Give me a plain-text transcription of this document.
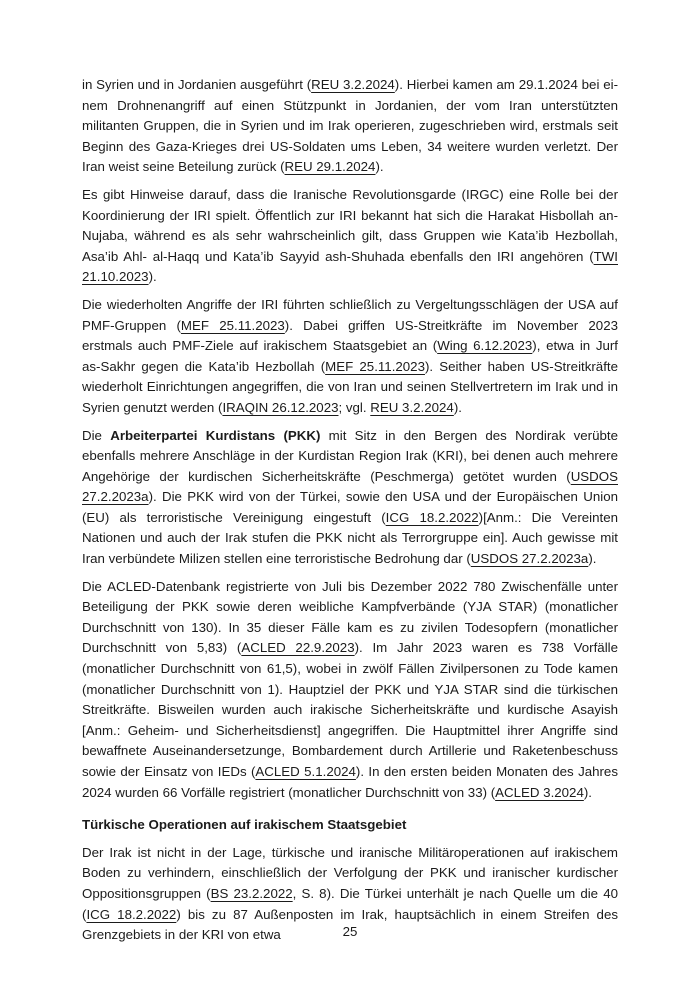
in Syrien und in Jordanien ausgeführt (REU 3.2.2024). Hierbei kamen am 29.1.2024 bei einem Drohnenangriff auf einen Stützpunkt in Jordanien, der vom Iran unterstützten militanten Gruppen, die in Syrien und im Irak operieren, zugeschrieben wird, erstmals seit Beginn des Gaza-Krieges drei US-Soldaten ums Leben, 34 weitere wurden verletzt. Der Iran weist seine Beteilung zurück (REU 29.1.2024).

Es gibt Hinweise darauf, dass die Iranische Revolutionsgarde (IRGC) eine Rolle bei der Koordinierung der IRI spielt. Öffentlich zur IRI bekannt hat sich die Harakat Hisbollah an-Nujaba, während es als sehr wahrscheinlich gilt, dass Gruppen wie Kata’ib Hezbollah, Asa’ib Ahl- al-Haqq und Kata’ib Sayyid ash-Shuhada ebenfalls den IRI angehören (TWI 21.10.2023).

Die wiederholten Angriffe der IRI führten schließlich zu Vergeltungsschlägen der USA auf PMF-Gruppen (MEF 25.11.2023). Dabei griffen US-Streitkräfte im November 2023 erstmals auch PMF-Ziele auf irakischem Staatsgebiet an (Wing 6.12.2023), etwa in Jurf as-Sakhr gegen die Kata’ib Hezbollah (MEF 25.11.2023). Seither haben US-Streitkräfte wiederholt Einrichtungen angegriffen, die von Iran und seinen Stellvertretern im Irak und in Syrien genutzt werden (IRAQIN 26.12.2023; vgl. REU 3.2.2024).

Die Arbeiterpartei Kurdistans (PKK) mit Sitz in den Bergen des Nordirak verübte ebenfalls mehrere Anschläge in der Kurdistan Region Irak (KRI), bei denen auch mehrere Angehörige der kurdischen Sicherheitskräfte (Peschmerga) getötet wurden (USDOS 27.2.2023a). Die PKK wird von der Türkei, sowie den USA und der Europäischen Union (EU) als terroristische Vereinigung eingestuft (ICG 18.2.2022)[Anm.: Die Vereinten Nationen und auch der Irak stufen die PKK nicht als Terrorgruppe ein]. Auch gewisse mit Iran verbündete Milizen stellen eine terroristische Bedrohung dar (USDOS 27.2.2023a).

Die ACLED-Datenbank registrierte von Juli bis Dezember 2022 780 Zwischenfälle unter Beteiligung der PKK sowie deren weibliche Kampfverbände (YJA STAR) (monatlicher Durchschnitt von 130). In 35 dieser Fälle kam es zu zivilen Todesopfern (monatlicher Durchschnitt von 5,83) (ACLED 22.9.2023). Im Jahr 2023 waren es 738 Vorfälle (monatlicher Durchschnitt von 61,5), wobei in zwölf Fällen Zivilpersonen zu Tode kamen (monatlicher Durchschnitt von 1). Hauptziel der PKK und YJA STAR sind die türkischen Streitkräfte. Bisweilen wurden auch irakische Sicherheitskräfte und kurdische Asayish [Anm.: Geheim- und Sicherheitsdienst] angegriffen. Die Hauptmittel ihrer Angriffe sind bewaffnete Auseinandersetzunge, Bombardement durch Artillerie und Raketenbeschuss sowie der Einsatz von IEDs (ACLED 5.1.2024). In den ersten beiden Monaten des Jahres 2024 wurden 66 Vorfälle registriert (monatlicher Durchschnitt von 33) (ACLED 3.2024).

Türkische Operationen auf irakischem Staatsgebiet

Der Irak ist nicht in der Lage, türkische und iranische Militäroperationen auf irakischem Boden zu verhindern, einschließlich der Verfolgung der PKK und iranischer kurdischer Oppositionsgruppen (BS 23.2.2022, S. 8). Die Türkei unterhält je nach Quelle um die 40 (ICG 18.2.2022) bis zu 87 Außenposten im Irak, hauptsächlich in einem Streifen des Grenzgebiets in der KRI von etwa	25
